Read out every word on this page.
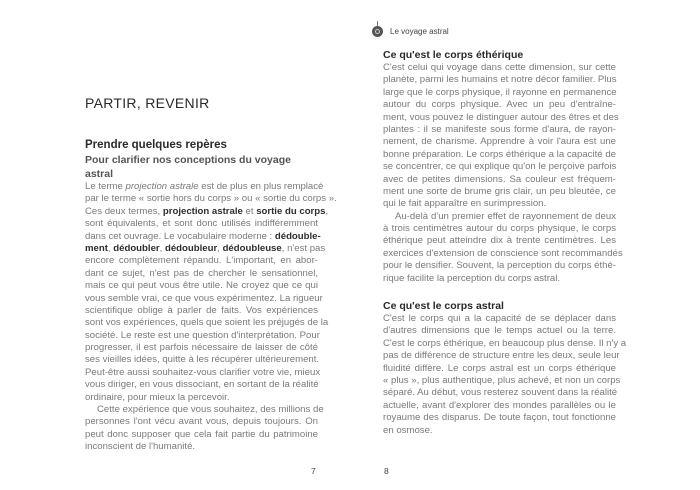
PARTIR, REVENIR
Prendre quelques repères
Pour clarifier nos conceptions du voyage astral
Le terme projection astrale est de plus en plus remplacé
par le terme « sortie hors du corps » ou « sortie du corps ».
Ces deux termes, projection astrale et sortie du corps,
sont équivalents, et sont donc utilisés indifféremment
dans cet ouvrage. Le vocabulaire moderne : dédouble-
ment, dédoubler, dédoubleur, dédoubleuse, n'est pas
encore complètement répandu. L'important, en abor-
dant ce sujet, n'est pas de chercher le sensationnel,
mais ce qui peut vous être utile. Ne croyez que ce qui
vous semble vrai, ce que vous expérimentez. La rigueur
scientifique oblige à parler de faits. Vos expériences
sont vos expériences, quels que soient les préjugés de la
société. Le reste est une question d'interprétation. Pour
progresser, il est parfois nécessaire de laisser de côté
ses vieilles idées, quitte à les récupérer ultérieurement.
Peut-être aussi souhaitez-vous clarifier votre vie, mieux
vous diriger, en vous dissociant, en sortant de la réalité
ordinaire, pour mieux la percevoir.
Cette expérience que vous souhaitez, des millions de
personnes l'ont vécu avant vous, depuis toujours. On
peut donc supposer que cela fait partie du patrimoine
inconscient de l'humanité.
7
Le voyage astral
Ce qu'est le corps éthérique
C'est celui qui voyage dans cette dimension, sur cette
planète, parmi les humains et notre décor familier. Plus
large que le corps physique, il rayonne en permanence
autour du corps physique. Avec un peu d'entraîne-
ment, vous pouvez le distinguer autour des êtres et des
plantes : il se manifeste sous forme d'aura, de rayon-
nement, de charisme. Apprendre à voir l'aura est une
bonne préparation. Le corps éthérique a la capacité de
se concentrer, ce qui explique qu'on le perçoive parfois
avec de petites dimensions. Sa couleur est fréquem-
ment une sorte de brume gris clair, un peu bleutée, ce
qui le fait apparaître en surimpression.
Au-delà d'un premier effet de rayonnement de deux
à trois centimètres autour du corps physique, le corps
éthérique peut atteindre dix à trente centimètres. Les
exercices d'extension de conscience sont recommandés
pour le densifier. Souvent, la perception du corps éthé-
rique facilite la perception du corps astral.
Ce qu'est le corps astral
C'est le corps qui a la capacité de se déplacer dans
d'autres dimensions que le temps actuel ou la terre.
C'est le corps éthérique, en beaucoup plus dense. Il n'y a
pas de différence de structure entre les deux, seule leur
fluidité diffère. Le corps astral est un corps éthérique
« plus », plus authentique, plus achevé, et non un corps
séparé. Au début, vous resterez souvent dans la réalité
actuelle, avant d'explorer des mondes parallèles ou le
royaume des disparus. De toute façon, tout fonctionne
en osmose.
8
